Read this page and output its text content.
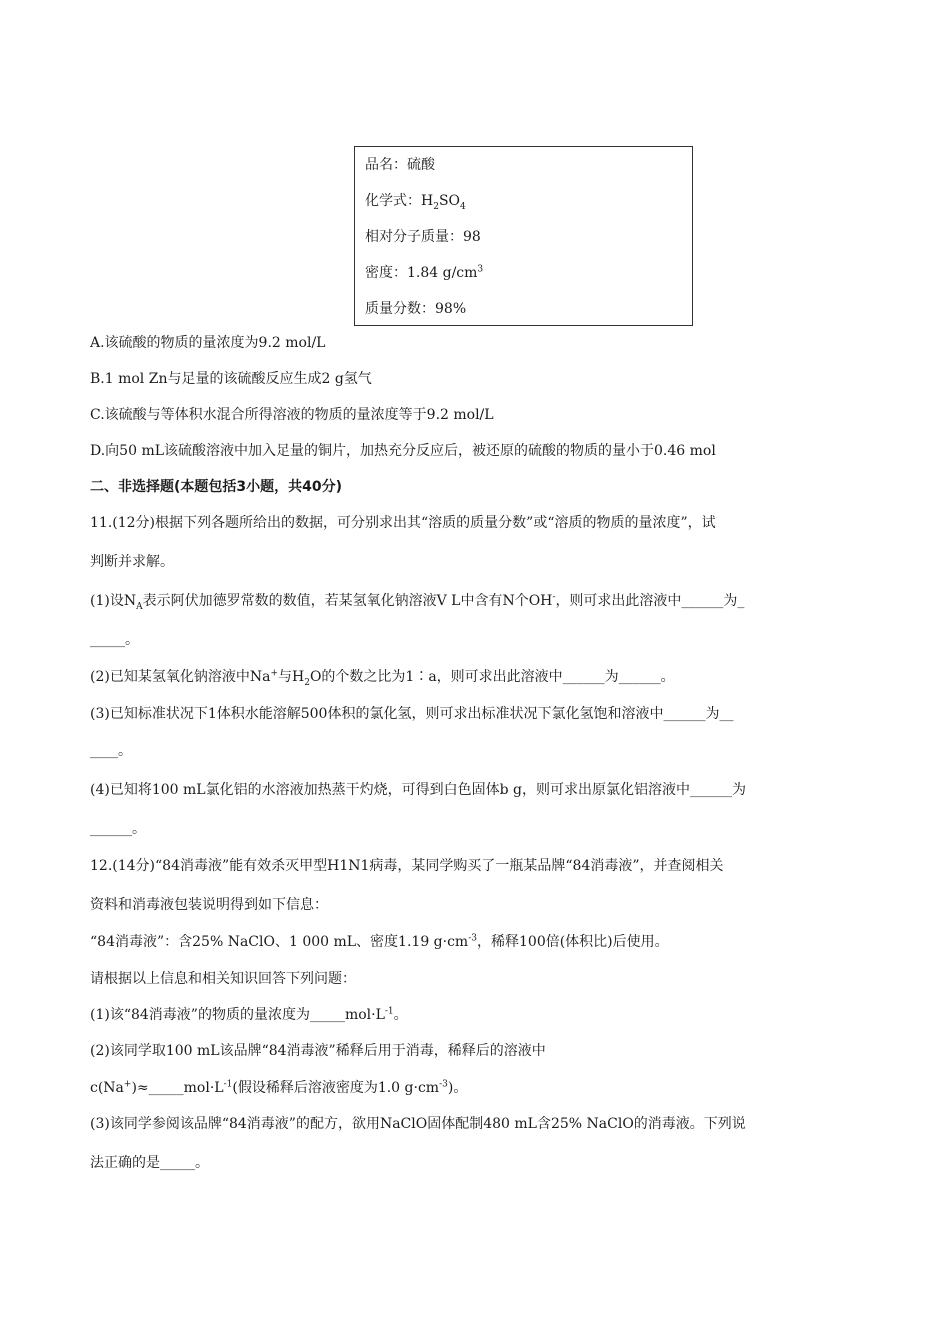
品名：硫酸
化学式：$H_2SO_4$
相对分子质量：98
密度：1.84 $g/cm^3$
质量分数：98%
A.该硫酸的物质的量浓度为9.2 mol/L
B.1 mol Zn与足量的该硫酸反应生成2 g氢气
C.该硫酸与等体积水混合所得溶液的物质的量浓度等于9.2 mol/L
D.向50 mL该硫酸溶液中加入足量的铜片，加热充分反应后，被还原的硫酸的物质的量小于0.46 mol
二、非选择题(本题包括3小题，共40分)
11.(12分)根据下列各题所给出的数据，可分别求出其“溶质的质量分数”或“溶质的物质的量浓度”，试
判断并求解。
(1)设$N_A$表示阿伏加德罗常数的数值，若某氢氧化钠溶液V L中含有N个OH-，则可求出此溶液中______为_
_____。
(2)已知某氢氧化钠溶液中Na+与$H_2O$的个数之比为1∶a，则可求出此溶液中______为______。
(3)已知标准状况下1体积水能溶解500体积的氯化氢，则可求出标准状况下氯化氢饱和溶液中______为__
____。
(4)已知将100 mL氯化铝的水溶液加热蒸干灼烧，可得到白色固体b g，则可求出原氯化铝溶液中______为
______。
12.(14分)“84消毒液”能有效杀灭甲型H1N1病毒，某同学购买了一瓶某品牌“84消毒液”，并查阅相关
资料和消毒液包装说明得到如下信息：
“84消毒液”：含25% NaClO、1 000 mL、密度1.19 $g\cdot cm^{-3}$，稀释100倍(体积比)后使用。
请根据以上信息和相关知识回答下列问题：
(1)该“84消毒液”的物质的量浓度为$\_\_\_\_\_mol\cdot L^{-1}$。
(2)该同学取100 mL该品牌“84消毒液”稀释后用于消毒，稀释后的溶液中
$c(Na^+)\approx\_\_\_\_\_mol\cdot L^{-1}$(假设稀释后溶液密度为1.0 $g\cdot cm^{-3}$)。
(3)该同学参阅该品牌“84消毒液”的配方，欲用NaClO固体配制480 mL含25% NaClO的消毒液。下列说
法正确的是_____。
